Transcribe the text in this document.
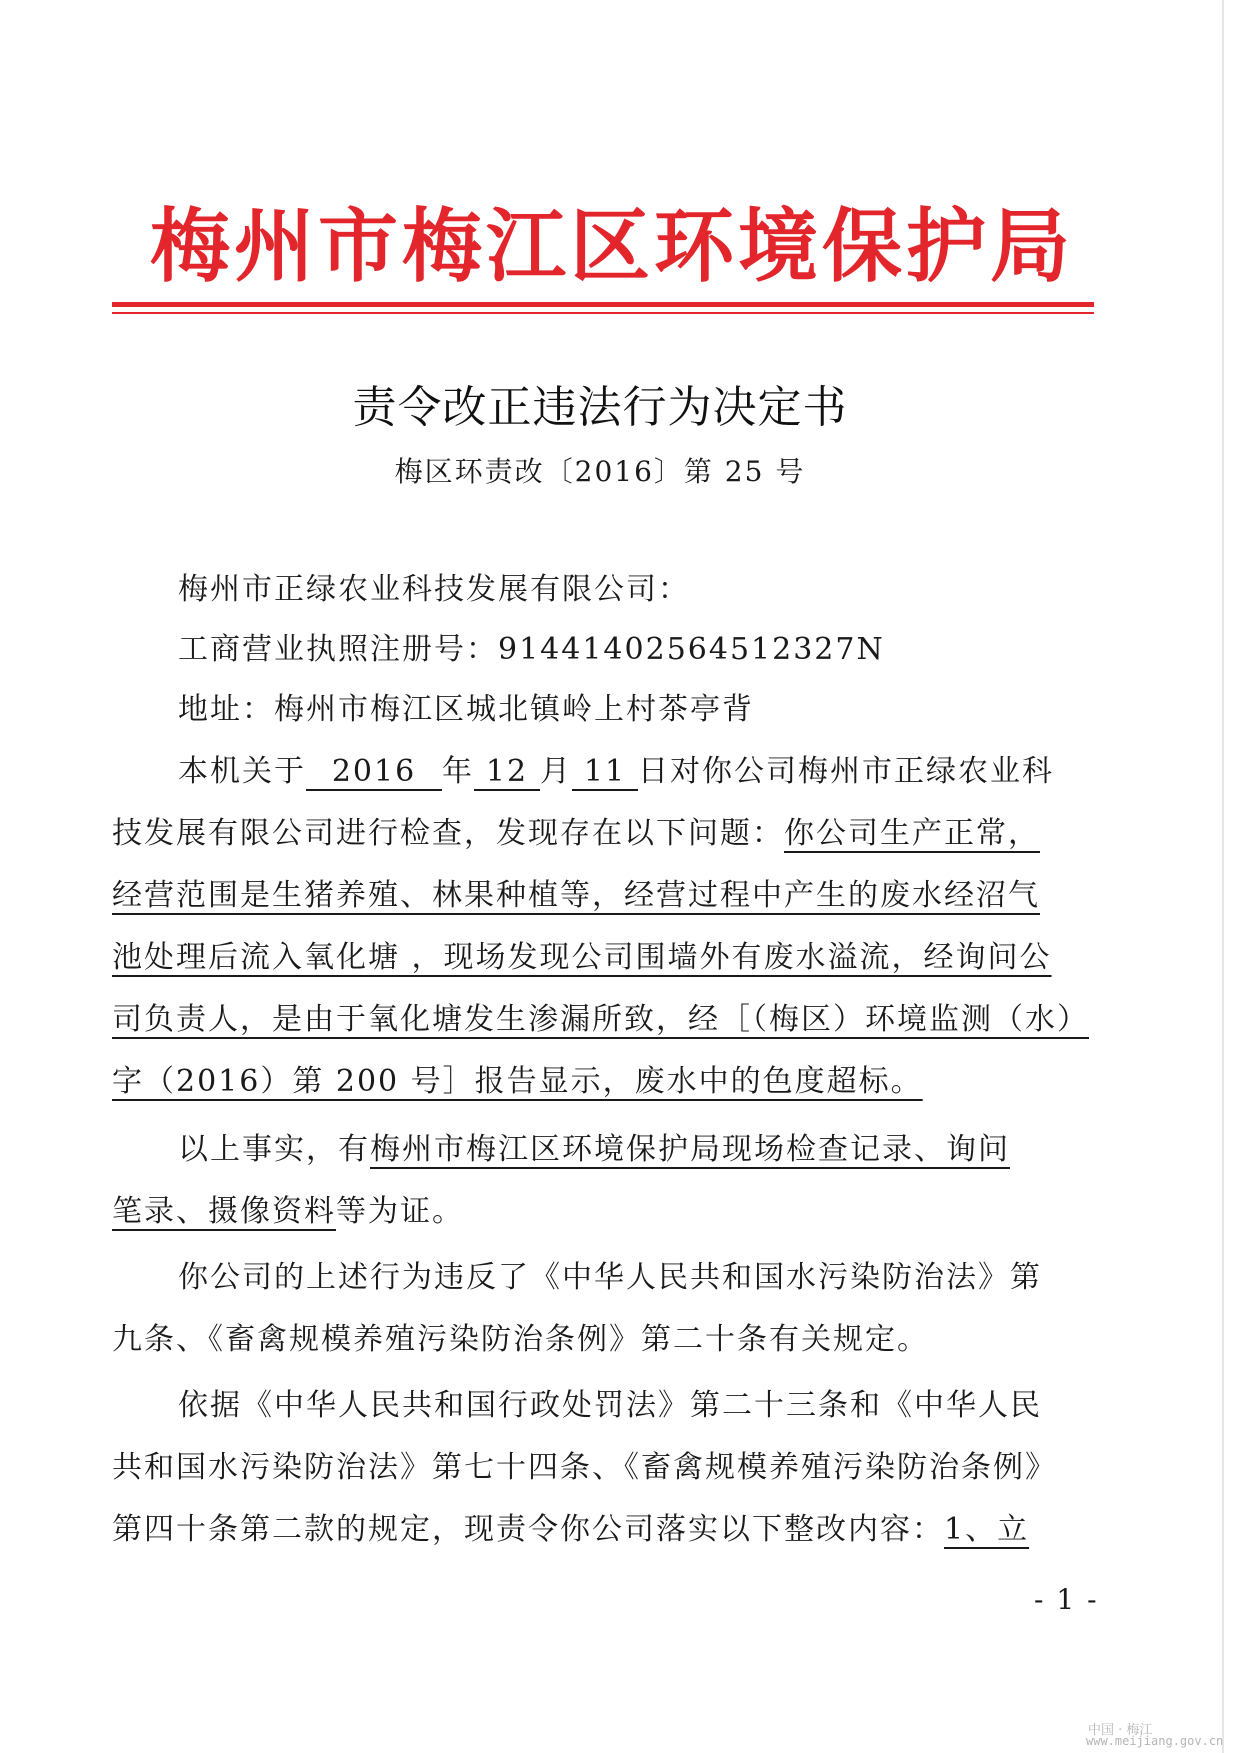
梅州市梅江区环境保护局
责令改正违法行为决定书
梅区环责改〔2016〕第 25 号
梅州市正绿农业科技发展有限公司：
工商营业执照注册号：91441402564512327N
地址：梅州市梅江区城北镇岭上村茶亭背
本机关于 2016 年 12 月 11 日对你公司梅州市正绿农业科
技发展有限公司进行检查，发现存在以下问题：你公司生产正常，
经营范围是生猪养殖、林果种植等，经营过程中产生的废水经沼气
池处理后流入氧化塘 ，现场发现公司围墙外有废水溢流，经询问公
司负责人，是由于氧化塘发生渗漏所致，经［（梅区）环境监测（水）
字（2016）第 200 号］报告显示，废水中的色度超标。
以上事实，有梅州市梅江区环境保护局现场检查记录、询问
笔录、摄像资料等为证。
你公司的上述行为违反了《中华人民共和国水污染防治法》第
九条、《畜禽规模养殖污染防治条例》第二十条有关规定。
依据《中华人民共和国行政处罚法》第二十三条和《中华人民
共和国水污染防治法》第七十四条、《畜禽规模养殖污染防治条例》
第四十条第二款的规定，现责令你公司落实以下整改内容：1、立
- 1 -
中国 · 梅江
www.meijiang.gov.cn
